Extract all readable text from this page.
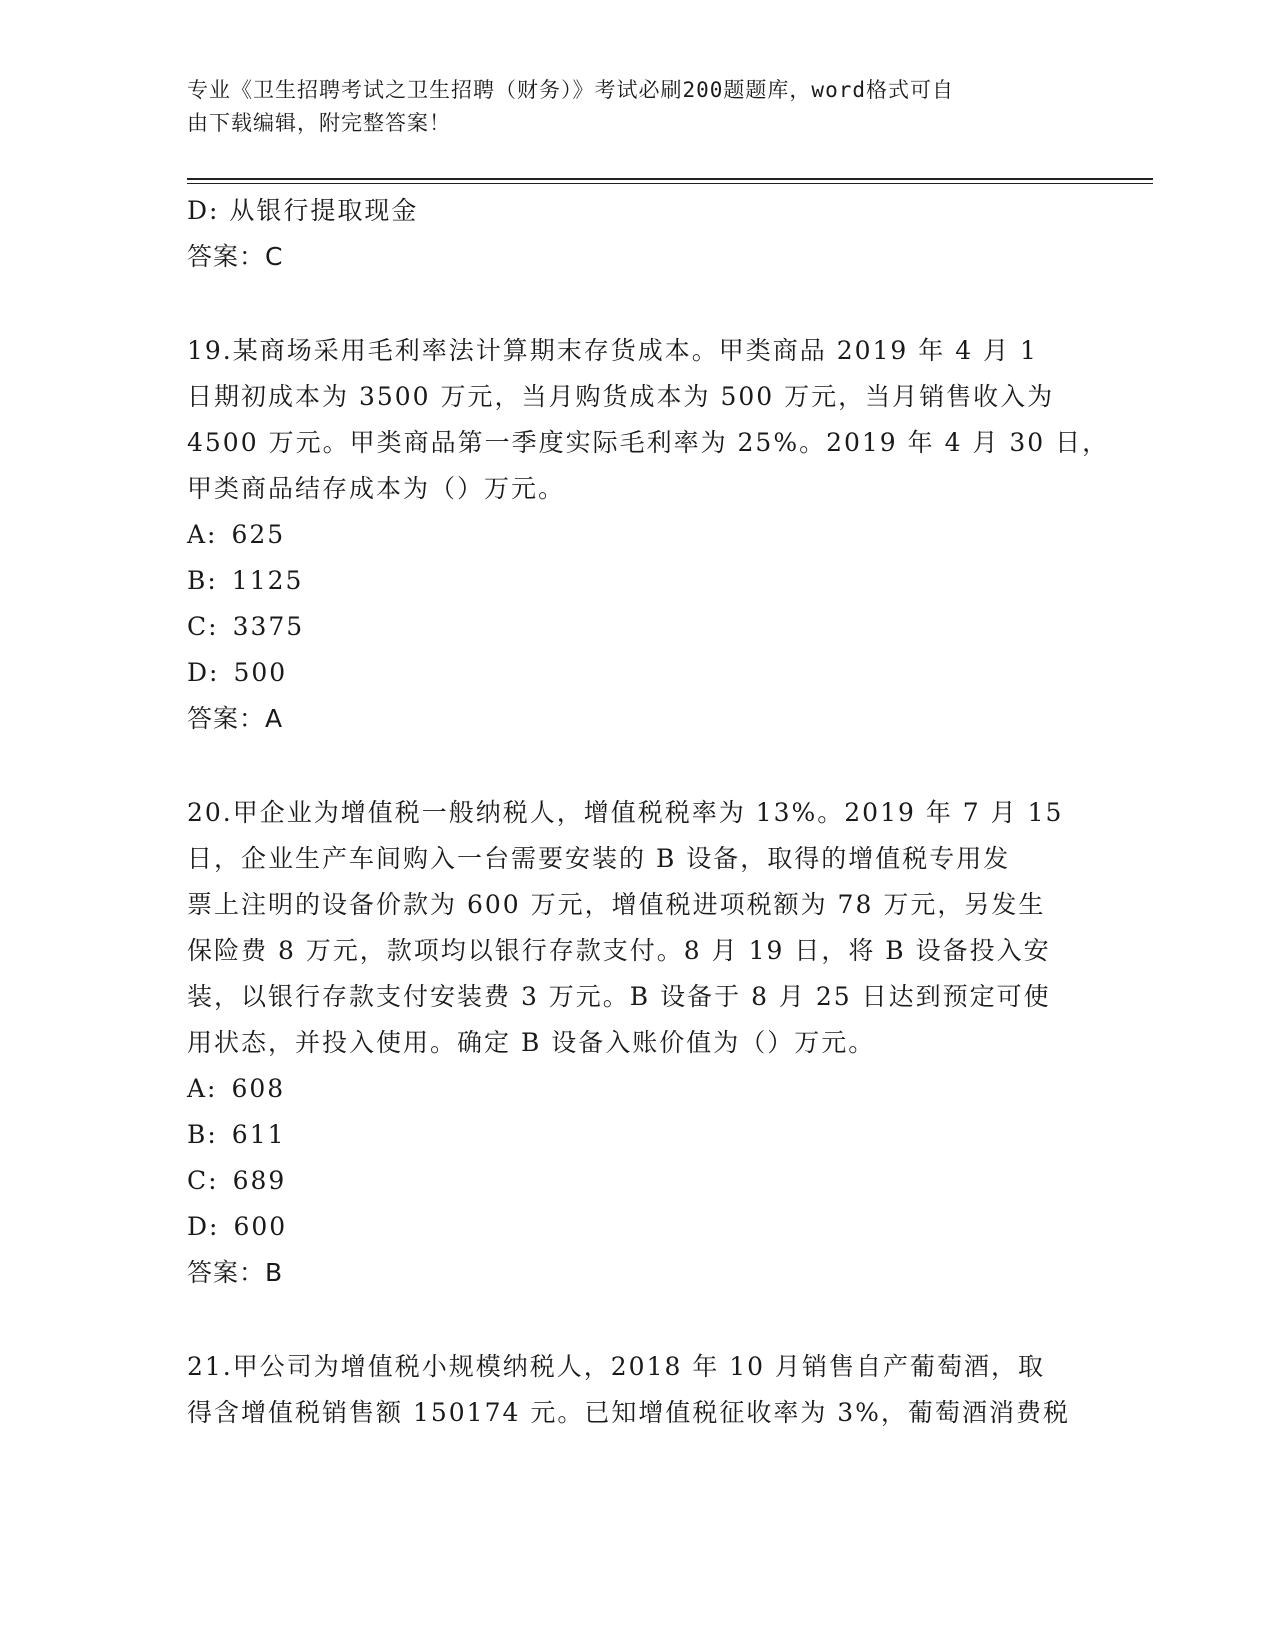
专业《卫生招聘考试之卫生招聘（财务）》考试必刷200题题库，word格式可自
由下载编辑，附完整答案！
D: 从银行提取现金
答案：C
19.某商场采用毛利率法计算期末存货成本。甲类商品 2019 年 4 月 1
日期初成本为 3500 万元，当月购货成本为 500 万元，当月销售收入为
4500 万元。甲类商品第一季度实际毛利率为 25%。2019 年 4 月 30 日，
甲类商品结存成本为（）万元。
A: 625
B: 1125
C: 3375
D: 500
答案：A
20.甲企业为增值税一般纳税人，增值税税率为 13%。2019 年 7 月 15
日，企业生产车间购入一台需要安装的 B 设备，取得的增值税专用发
票上注明的设备价款为 600 万元，增值税进项税额为 78 万元，另发生
保险费 8 万元，款项均以银行存款支付。8 月 19 日，将 B 设备投入安
装，以银行存款支付安装费 3 万元。B 设备于 8 月 25 日达到预定可使
用状态，并投入使用。确定 B 设备入账价值为（）万元。
A: 608
B: 611
C: 689
D: 600
答案：B
21.甲公司为增值税小规模纳税人，2018 年 10 月销售自产葡萄酒，取
得含增值税销售额 150174 元。已知增值税征收率为 3%，葡萄酒消费税
